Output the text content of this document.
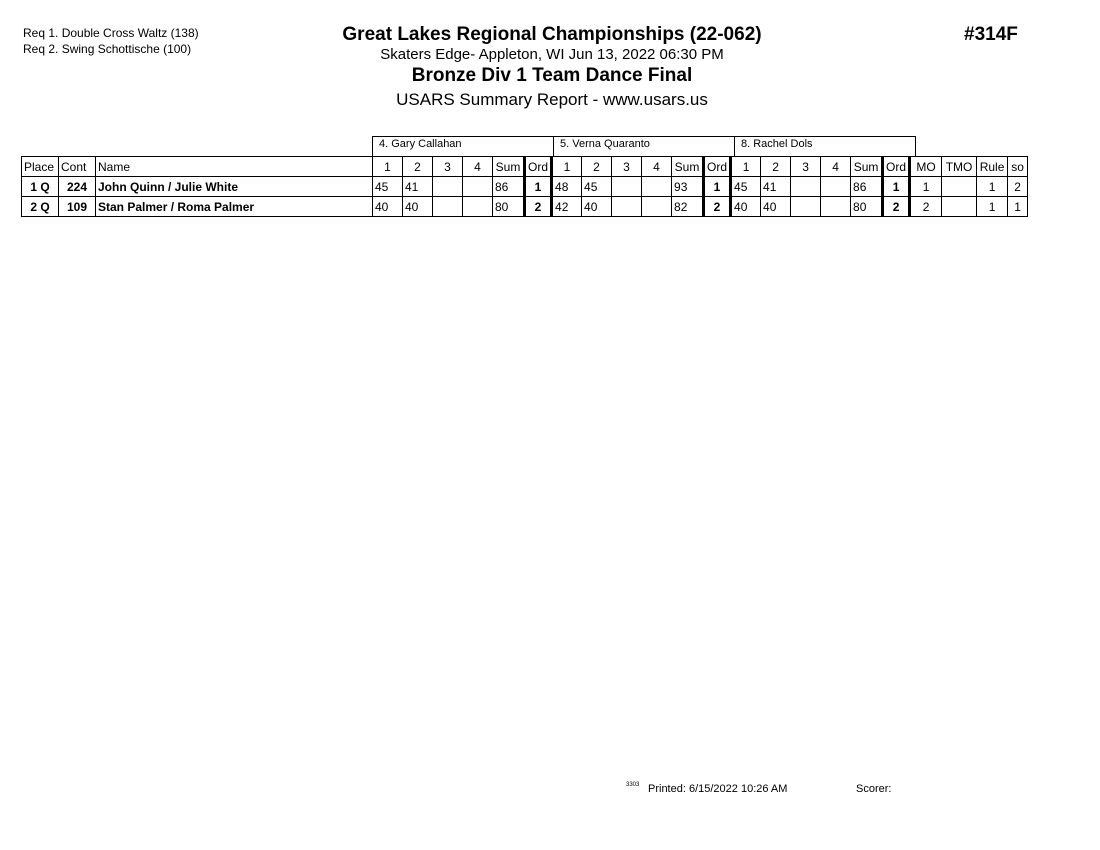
Req 1. Double Cross Waltz (138)
Req 2. Swing Schottische (100)
Great Lakes Regional Championships (22-062)
Skaters Edge- Appleton, WI Jun 13, 2022 06:30 PM
Bronze Div 1 Team Dance Final
USARS Summary Report - www.usars.us
#314F
4. Gary Callahan	5. Verna Quaranto	8. Rachel Dols
Place	Cont	Name	1	2	3	4	Sum	Ord	1	2	3	4	Sum	Ord	1	2	3	4	Sum	Ord	MO	TMO	Rule	so
1 Q	224	John Quinn / Julie White	45	41			86	1	48	45			93	1	45	41			86	1	1		1	2
2 Q	109	Stan Palmer / Roma Palmer	40	40			80	2	42	40			82	2	40	40			80	2	2		1	1
3303 Printed: 6/15/2022 10:26 AM	Scorer:
